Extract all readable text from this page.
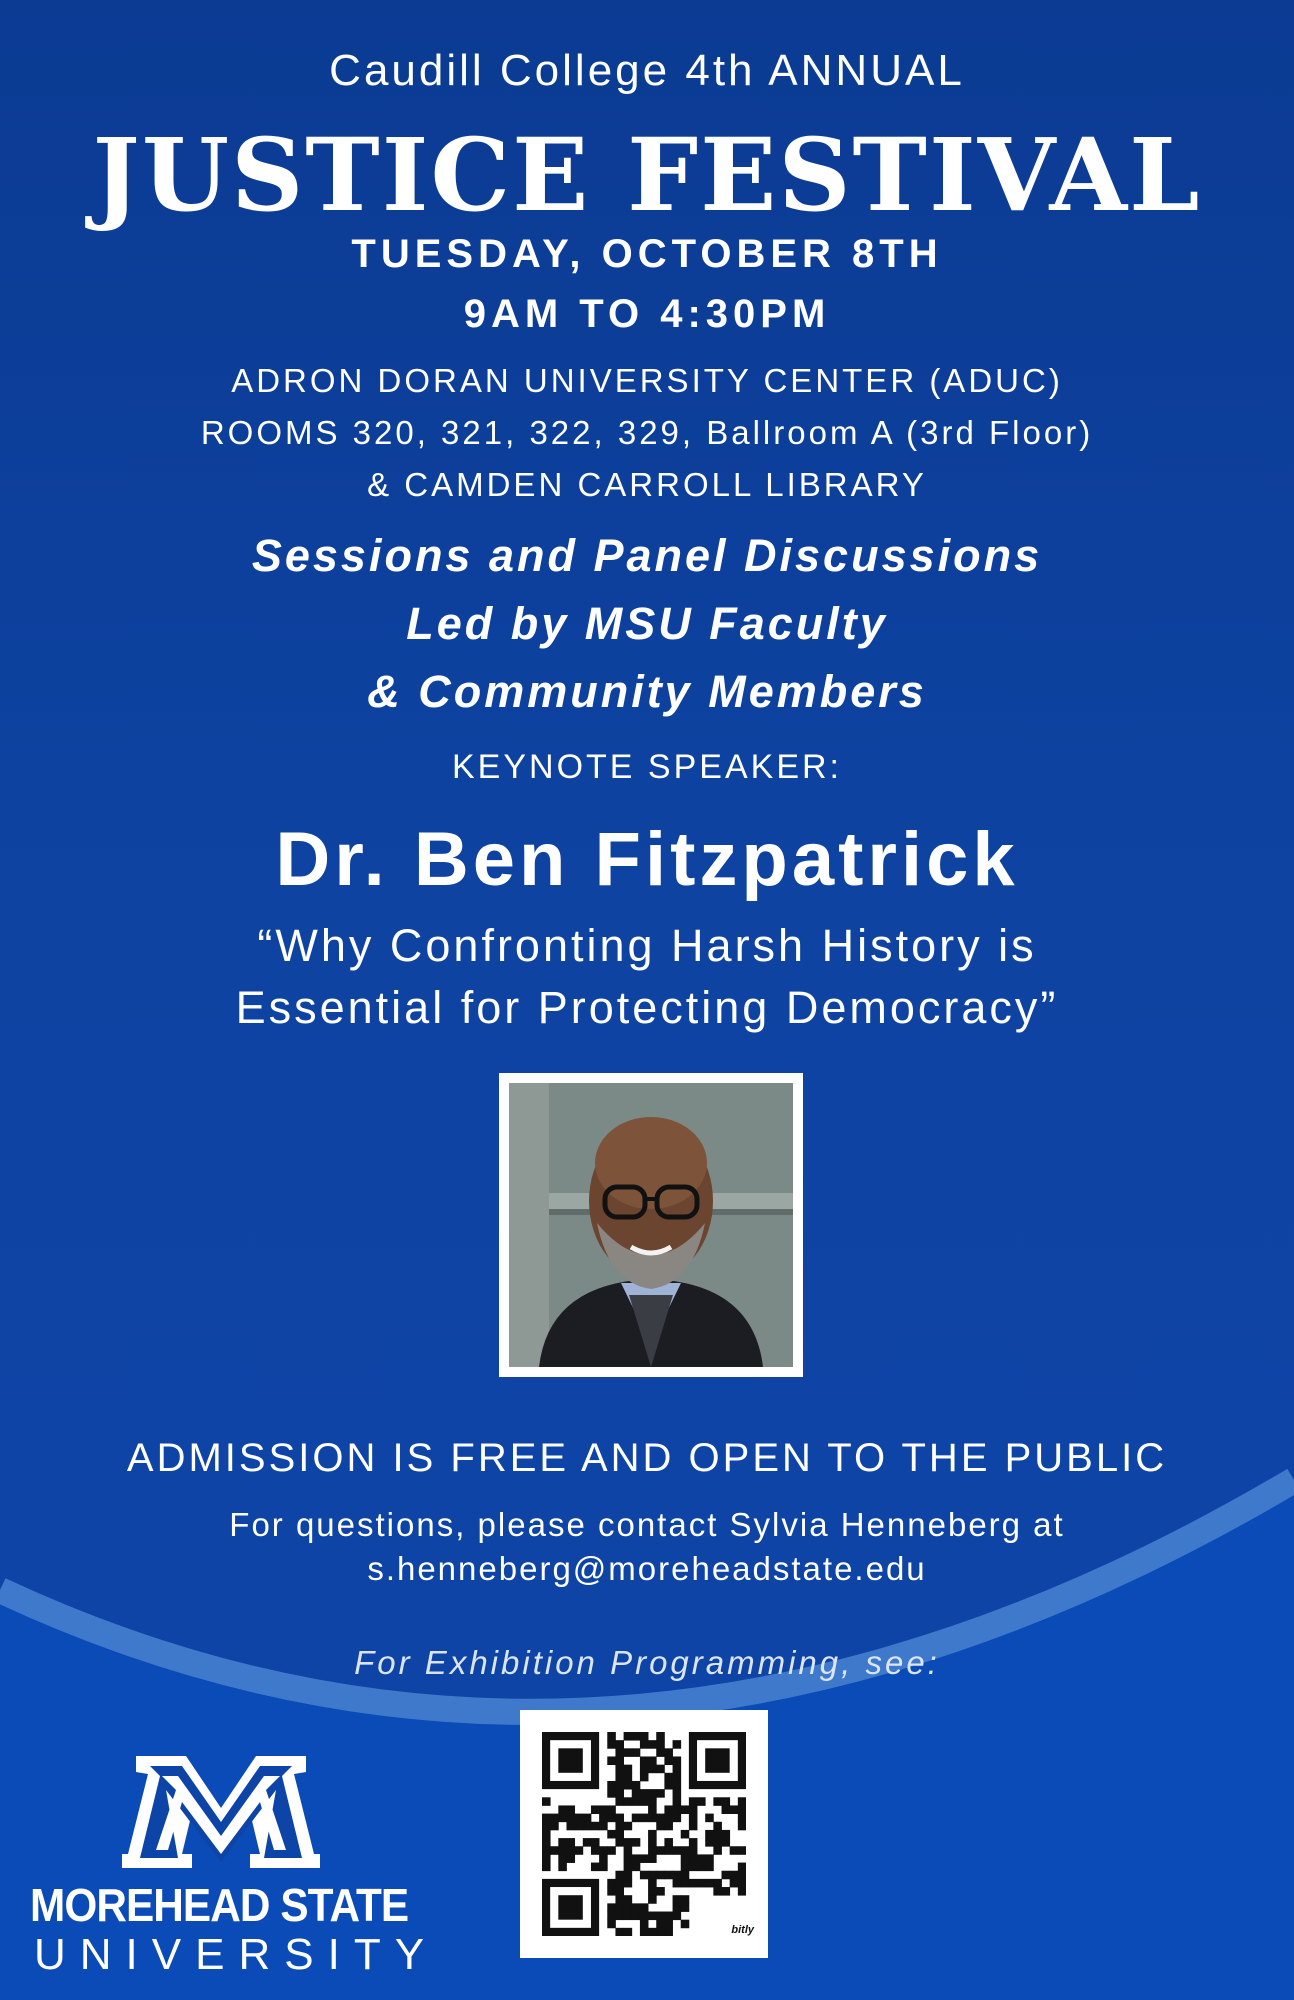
Caudill College 4th ANNUAL
JUSTICE FESTIVAL
TUESDAY, OCTOBER 8TH
9AM TO 4:30PM
ADRON DORAN UNIVERSITY CENTER (ADUC)
ROOMS 320, 321, 322, 329, Ballroom A (3rd Floor)
& CAMDEN CARROLL LIBRARY
Sessions and Panel Discussions
Led by MSU Faculty
& Community Members
KEYNOTE SPEAKER:
Dr. Ben Fitzpatrick
“Why Confronting Harsh History is
Essential for Protecting Democracy”
ADMISSION IS FREE AND OPEN TO THE PUBLIC
For questions, please contact Sylvia Henneberg at
s.henneberg@moreheadstate.edu
For Exhibition Programming, see:
bitly
MOREHEAD STATE
UNIVERSITY
